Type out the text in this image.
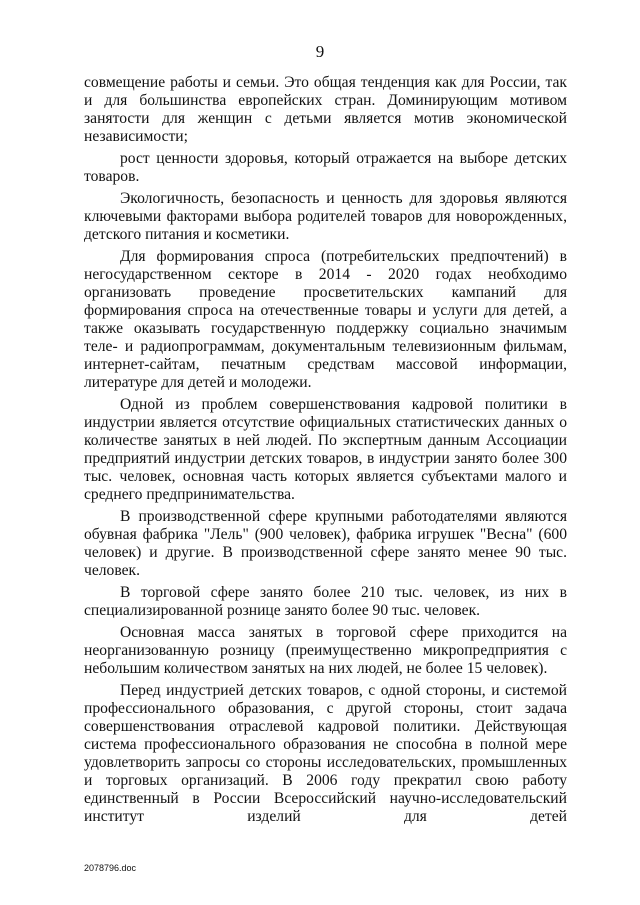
9

совмещение работы и семьи. Это общая тенденция как для России, так и для большинства европейских стран. Доминирующим мотивом занятости для женщин с детьми является мотив экономической независимости;

рост ценности здоровья, который отражается на выборе детских товаров.

Экологичность, безопасность и ценность для здоровья являются ключевыми факторами выбора родителей товаров для новорожденных, детского питания и косметики.

Для формирования спроса (потребительских предпочтений) в негосударственном секторе в 2014 - 2020 годах необходимо организовать проведение просветительских кампаний для формирования спроса на отечественные товары и услуги для детей, а также оказывать государственную поддержку социально значимым теле- и радиопрограммам, документальным телевизионным фильмам, интернет-сайтам, печатным средствам массовой информации, литературе для детей и молодежи.

Одной из проблем совершенствования кадровой политики в индустрии является отсутствие официальных статистических данных о количестве занятых в ней людей. По экспертным данным Ассоциации предприятий индустрии детских товаров, в индустрии занято более 300 тыс. человек, основная часть которых является субъектами малого и среднего предпринимательства.

В производственной сфере крупными работодателями являются обувная фабрика "Лель" (900 человек), фабрика игрушек "Весна" (600 человек) и другие. В производственной сфере занято менее 90 тыс. человек.

В торговой сфере занято более 210 тыс. человек, из них в специализированной рознице занято более 90 тыс. человек.

Основная масса занятых в торговой сфере приходится на неорганизованную розницу (преимущественно микропредприятия с небольшим количеством занятых на них людей, не более 15 человек).

Перед индустрией детских товаров, с одной стороны, и системой профессионального образования, с другой стороны, стоит задача совершенствования отраслевой кадровой политики. Действующая система профессионального образования не способна в полной мере удовлетворить запросы со стороны исследовательских, промышленных и торговых организаций. В 2006 году прекратил свою работу единственный в России Всероссийский научно-исследовательский институт изделий для детей

2078796.doc
